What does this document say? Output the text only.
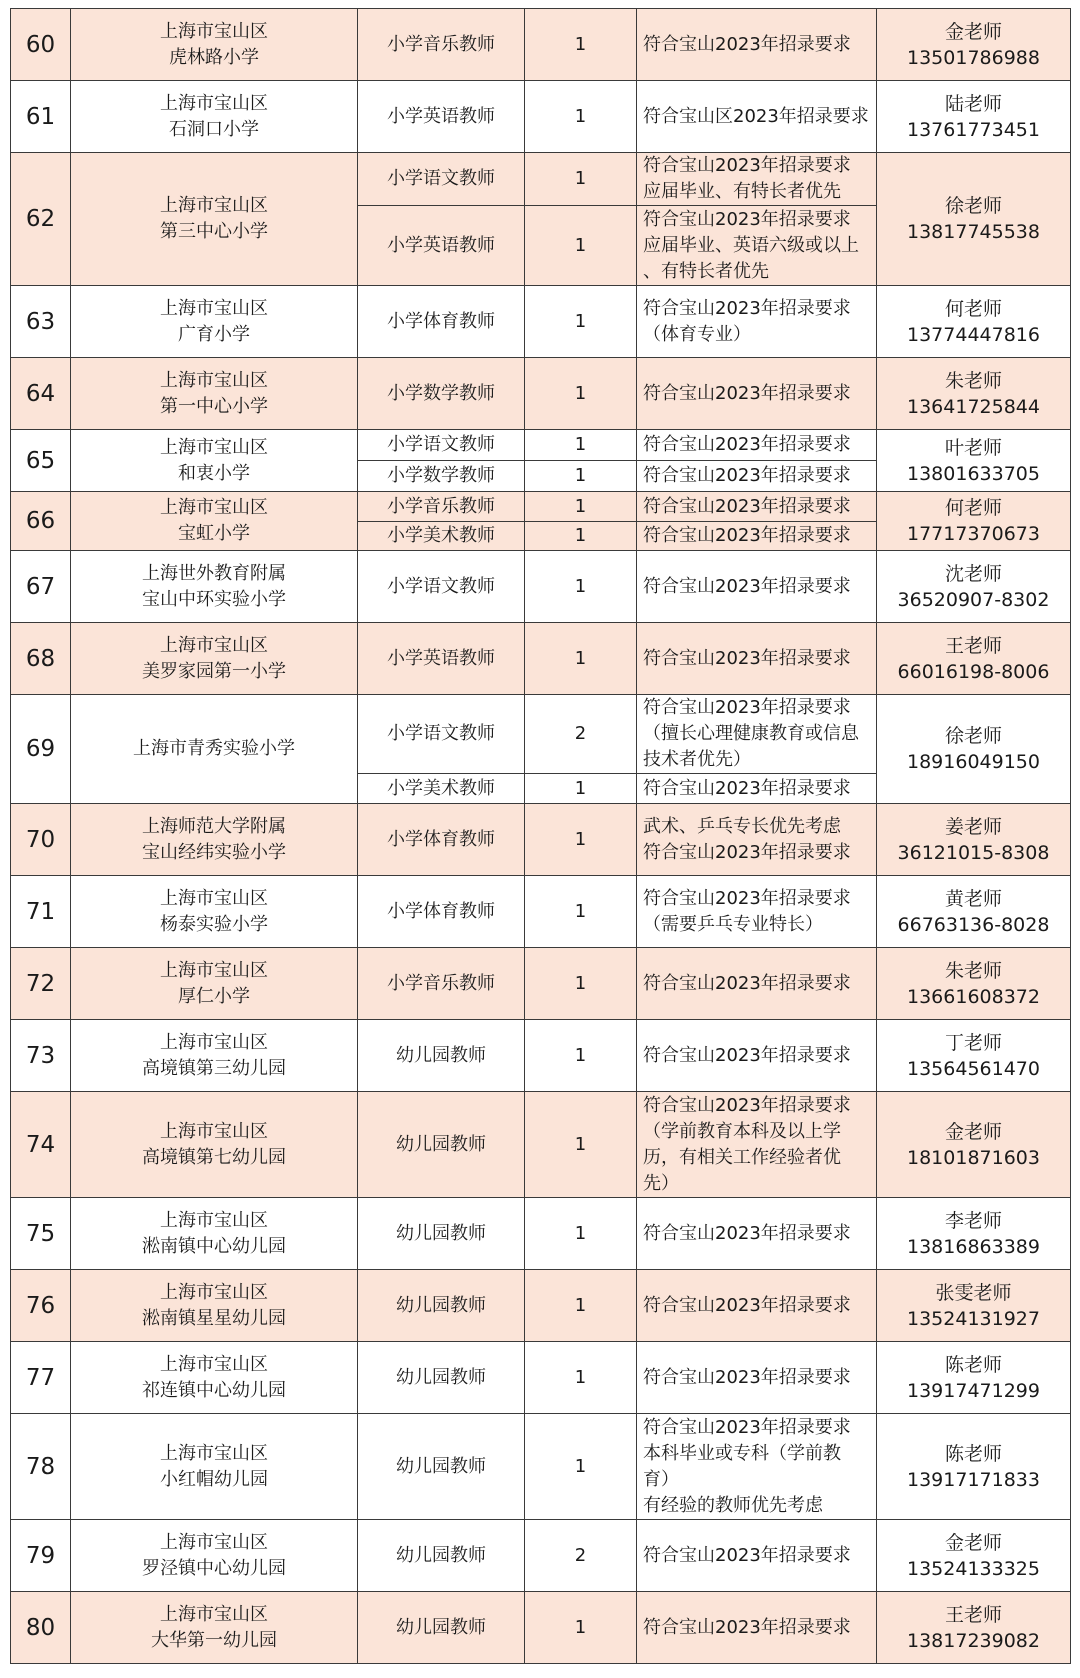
60	上海市宝山区
虎林路小学	小学音乐教师	1	符合宝山2023年招录要求	金老师
13501786988
61	上海市宝山区
石洞口小学	小学英语教师	1	符合宝山区2023年招录要求	陆老师
13761773451
62	上海市宝山区
第三中心小学	小学语文教师	1	符合宝山2023年招录要求
应届毕业、有特长者优先	徐老师
13817745538
		小学英语教师	1	符合宝山2023年招录要求
应届毕业、英语六级或以上
、有特长者优先	
63	上海市宝山区
广育小学	小学体育教师	1	符合宝山2023年招录要求
（体育专业）	何老师
13774447816
64	上海市宝山区
第一中心小学	小学数学教师	1	符合宝山2023年招录要求	朱老师
13641725844
65	上海市宝山区
和衷小学	小学语文教师	1	符合宝山2023年招录要求	叶老师
13801633705
		小学数学教师	1	符合宝山2023年招录要求	
66	上海市宝山区
宝虹小学	小学音乐教师	1	符合宝山2023年招录要求	何老师
17717370673
		小学美术教师	1	符合宝山2023年招录要求	
67	上海世外教育附属
宝山中环实验小学	小学语文教师	1	符合宝山2023年招录要求	沈老师
36520907-8302
68	上海市宝山区
美罗家园第一小学	小学英语教师	1	符合宝山2023年招录要求	王老师
66016198-8006
69	上海市青秀实验小学	小学语文教师	2	符合宝山2023年招录要求
（擅长心理健康教育或信息
技术者优先）	徐老师
18916049150
		小学美术教师	1	符合宝山2023年招录要求	
70	上海师范大学附属
宝山经纬实验小学	小学体育教师	1	武术、乒乓专长优先考虑
符合宝山2023年招录要求	姜老师
36121015-8308
71	上海市宝山区
杨泰实验小学	小学体育教师	1	符合宝山2023年招录要求
（需要乒乓专业特长）	黄老师
66763136-8028
72	上海市宝山区
厚仁小学	小学音乐教师	1	符合宝山2023年招录要求	朱老师
13661608372
73	上海市宝山区
高境镇第三幼儿园	幼儿园教师	1	符合宝山2023年招录要求	丁老师
13564561470
74	上海市宝山区
高境镇第七幼儿园	幼儿园教师	1	符合宝山2023年招录要求
（学前教育本科及以上学
历，有相关工作经验者优
先）	金老师
18101871603
75	上海市宝山区
淞南镇中心幼儿园	幼儿园教师	1	符合宝山2023年招录要求	李老师
13816863389
76	上海市宝山区
淞南镇星星幼儿园	幼儿园教师	1	符合宝山2023年招录要求	张雯老师
13524131927
77	上海市宝山区
祁连镇中心幼儿园	幼儿园教师	1	符合宝山2023年招录要求	陈老师
13917471299
78	上海市宝山区
小红帽幼儿园	幼儿园教师	1	符合宝山2023年招录要求
本科毕业或专科（学前教
育）
有经验的教师优先考虑	陈老师
13917171833
79	上海市宝山区
罗泾镇中心幼儿园	幼儿园教师	2	符合宝山2023年招录要求	金老师
13524133325
80	上海市宝山区
大华第一幼儿园	幼儿园教师	1	符合宝山2023年招录要求	王老师
13817239082
